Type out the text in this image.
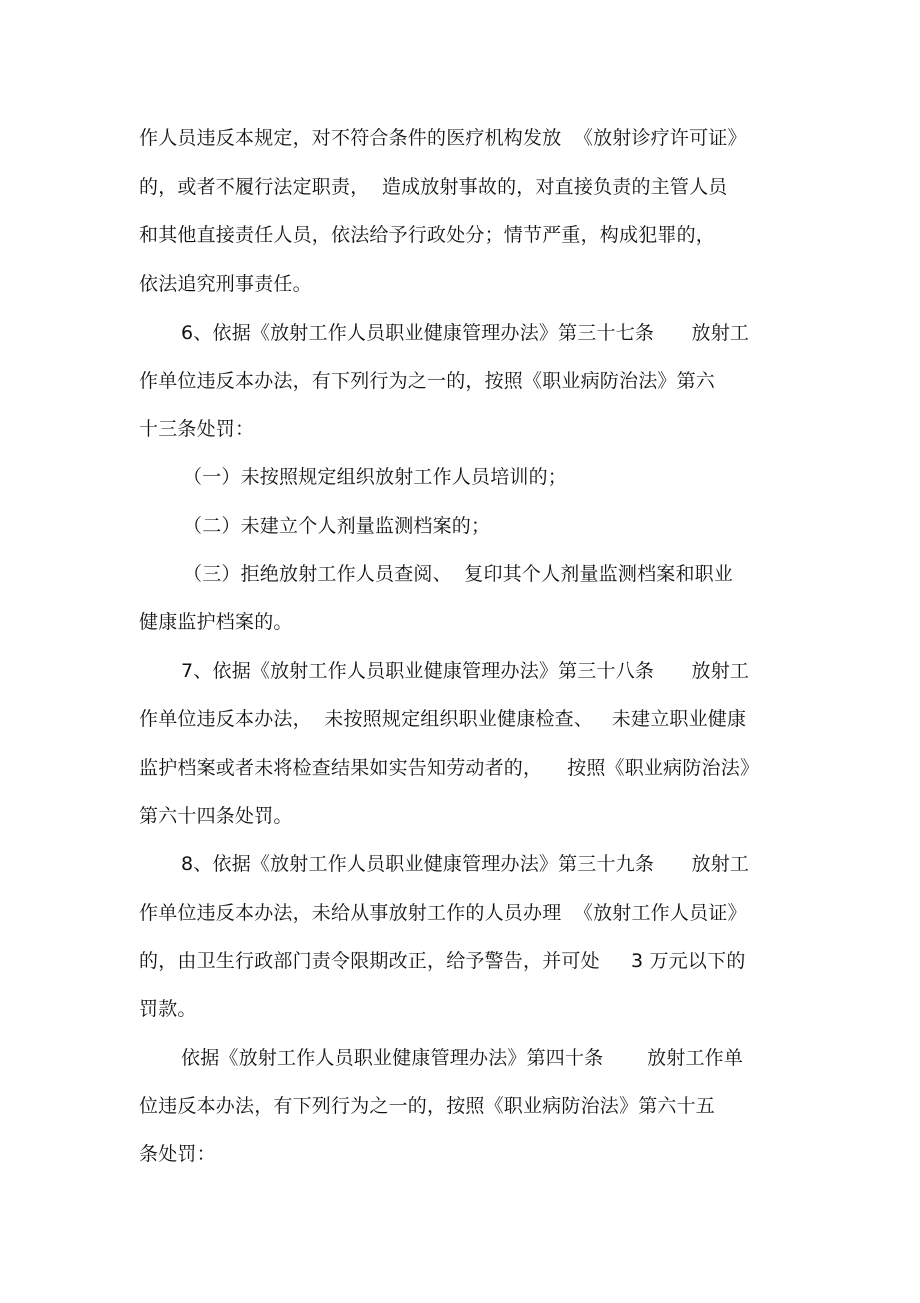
作人员违反本规定，对不符合条件的医疗机构发放  《放射诊疗许可证》
的，或者不履行法定职责，  造成放射事故的，对直接负责的主管人员
和其他直接责任人员，依法给予行政处分；情节严重，构成犯罪的，
依法追究刑事责任。
6、依据《放射工作人员职业健康管理办法》第三十七条      放射工
作单位违反本办法，有下列行为之一的，按照《职业病防治法》第六
十三条处罚：
（一）未按照规定组织放射工作人员培训的；
（二）未建立个人剂量监测档案的；
（三）拒绝放射工作人员查阅、  复印其个人剂量监测档案和职业
健康监护档案的。
7、依据《放射工作人员职业健康管理办法》第三十八条      放射工
作单位违反本办法，  未按照规定组织职业健康检查、   未建立职业健康
监护档案或者未将检查结果如实告知劳动者的，    按照《职业病防治法》
第六十四条处罚。
8、依据《放射工作人员职业健康管理办法》第三十九条      放射工
作单位违反本办法，未给从事放射工作的人员办理  《放射工作人员证》
的，由卫生行政部门责令限期改正，给予警告，并可处     3 万元以下的
罚款。
依据《放射工作人员职业健康管理办法》第四十条       放射工作单
位违反本办法，有下列行为之一的，按照《职业病防治法》第六十五
条处罚：
